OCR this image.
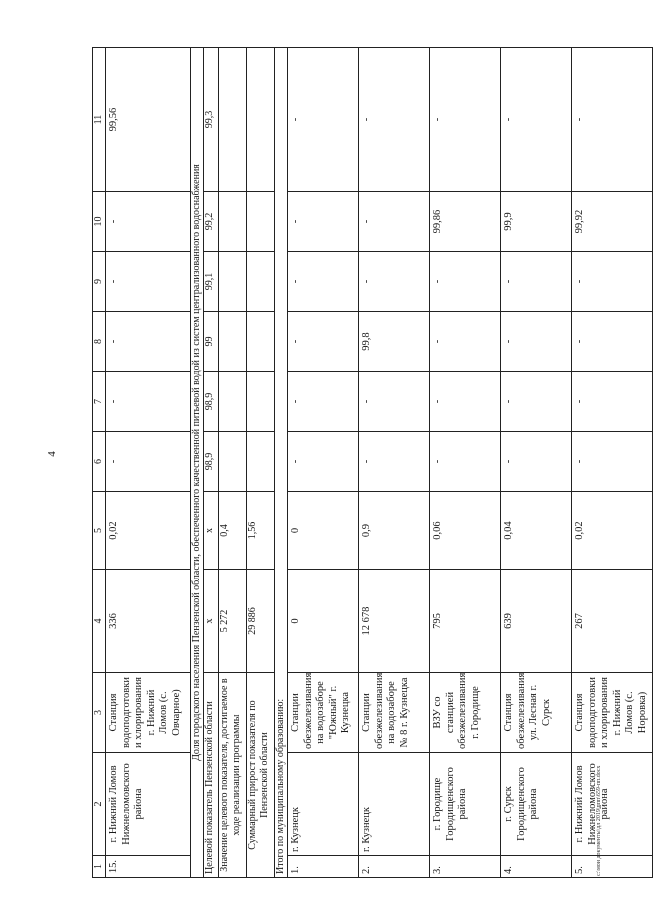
4
1	2	3	4	5	6	7	8	9	10	11
15.	г. Нижний Ломов Нижнеломовского района	Станция водоподготовки и хлорирования г. Нижний Ломов (с. Овчарное)	336	0,02	-	-	-	-	-	99,56
Доля городского населения Пензенской области, обеспеченного качественной питьевой водой из систем централизованного водоснабжения										
Целевой показатель Пензенской области			x	x	98,9	98,9	99	99,1	99,2	99,3
Значение целевого показателя, достигаемое в ходе реализации программы			5 272	0,4						
Суммарный прирост показателя по Пензенской области			29 886	1,56						
Итого по муниципальному образованию:										
1.	г. Кузнецк	Станции обезжелезивания на водозаборе "Южный" г. Кузнецка	0	0	-	-	-	-	-	-
2.	г. Кузнецк	Станции обезжелезивания на водозаборе № 8 г. Кузнецка	12 678	0,9	-	-	99,8	-	-	-
3.	г. Городище Городищенского района	ВЗУ со станцией обезжелезивания г. Городище	795	0,06	-	-	-	-	99,86	-
4.	г. Сурск Городищенского района	Станция обезжелезивания ул. Лесная г. Сурск	639	0,04	-	-	-	-	99,9	-
5.	г. Нижний Ломов Нижнеломовского района	Станция водоподготовки и хлорирования г. Нижний Ломов (с. Норовка)	267	0,02	-	-	-	-	99,92	-
c:\мои документы\дл 2019\ппп\659-пп.docx
